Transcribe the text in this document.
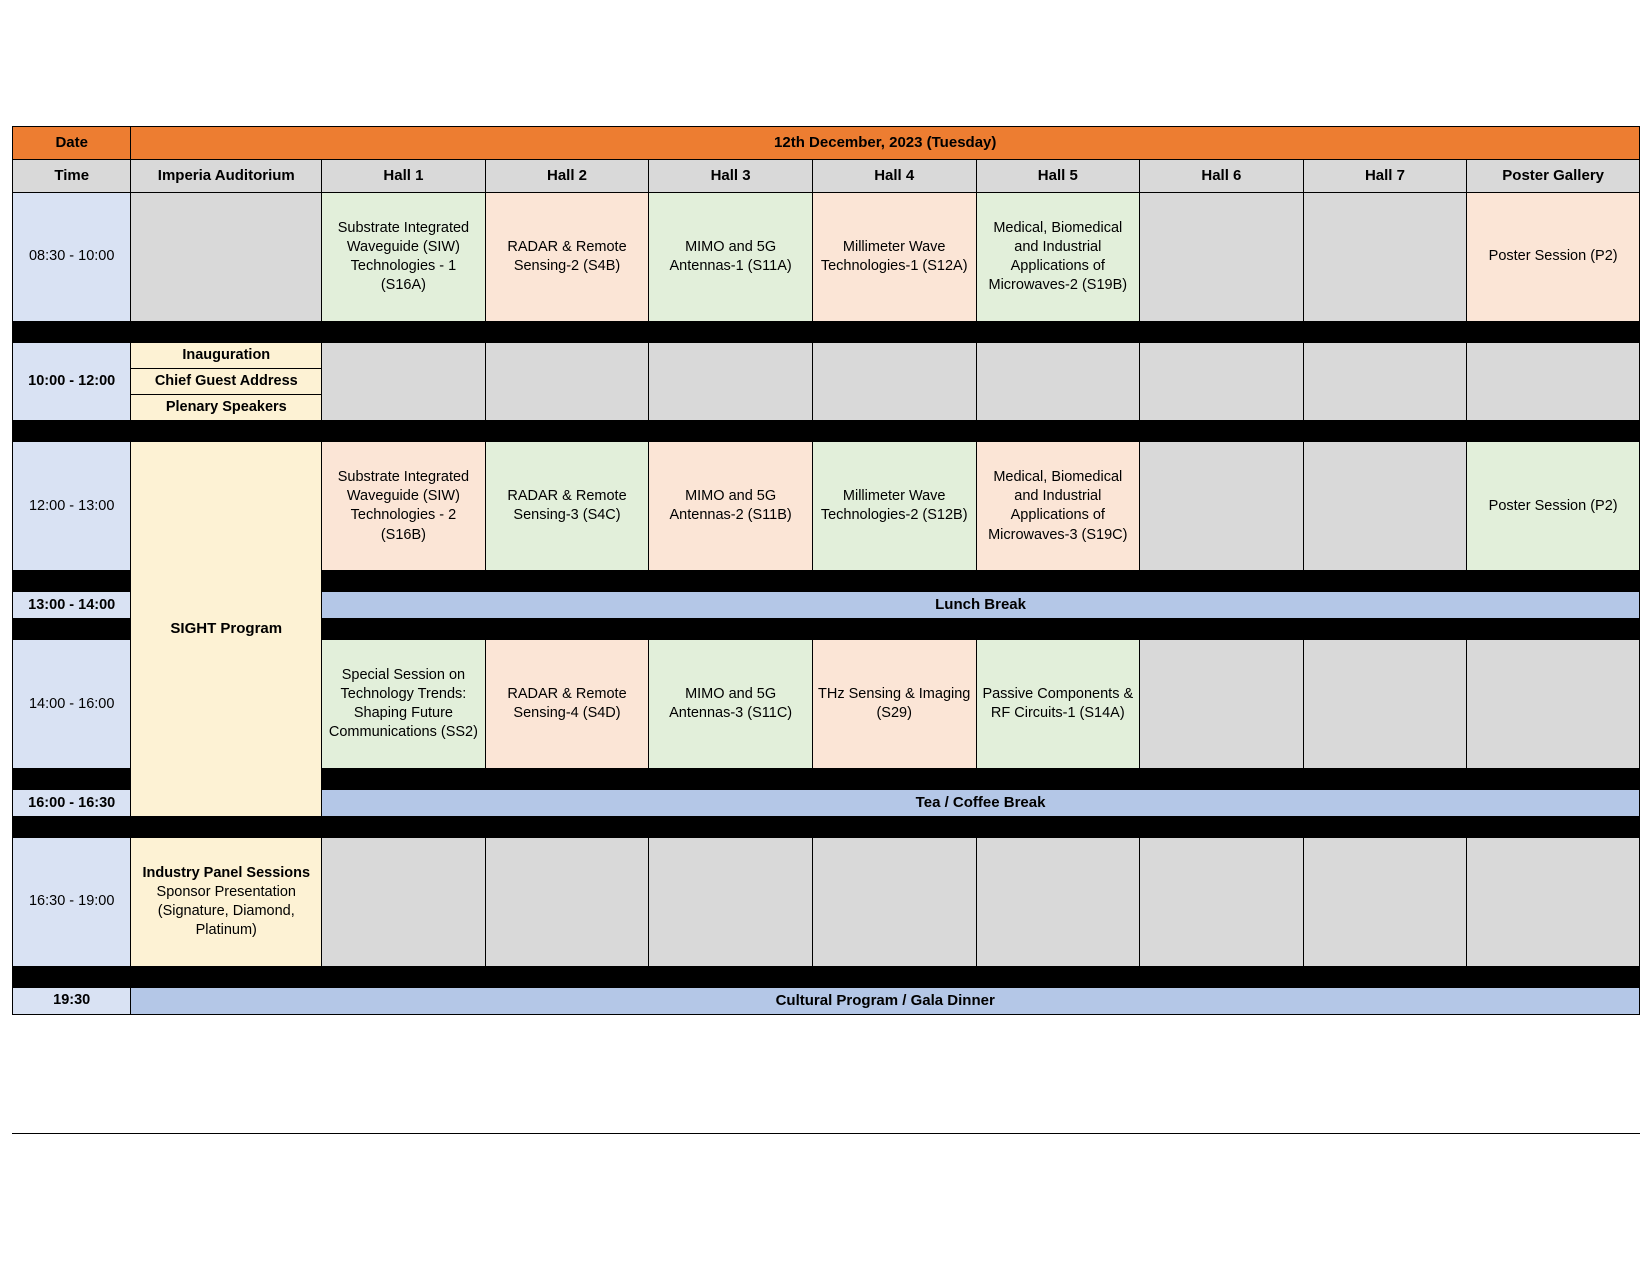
Date	12th December, 2023 (Tuesday)								
Time	Imperia Auditorium	Hall 1	Hall 2	Hall 3	Hall 4	Hall 5	Hall 6	Hall 7	Poster Gallery
08:30 - 10:00		Substrate Integrated Waveguide (SIW) Technologies - 1 (S16A)	RADAR & Remote Sensing-2 (S4B)	MIMO and 5G Antennas-1 (S11A)	Millimeter Wave Technologies-1 (S12A)	Medical, Biomedical and Industrial Applications of Microwaves-2 (S19B)			Poster Session (P2)

10:00 - 12:00	Inauguration								
	Chief Guest Address								
	Plenary Speakers								

12:00 - 13:00	SIGHT Program	Substrate Integrated Waveguide (SIW) Technologies - 2 (S16B)	RADAR & Remote Sensing-3 (S4C)	MIMO and 5G Antennas-2 (S11B)	Millimeter Wave Technologies-2 (S12B)	Medical, Biomedical and Industrial Applications of Microwaves-3 (S19C)			Poster Session (P2)

13:00 - 14:00		Lunch Break							

14:00 - 16:00		Special Session on Technology Trends: Shaping Future Communications (SS2)	RADAR & Remote Sensing-4 (S4D)	MIMO and 5G Antennas-3 (S11C)	THz Sensing & Imaging (S29)	Passive Components & RF Circuits-1 (S14A)			

16:00 - 16:30		Tea / Coffee Break							

16:30 - 19:00	Industry Panel Sessions Sponsor Presentation (Signature, Diamond, Platinum)								

19:30	Cultural Program / Gala Dinner								
